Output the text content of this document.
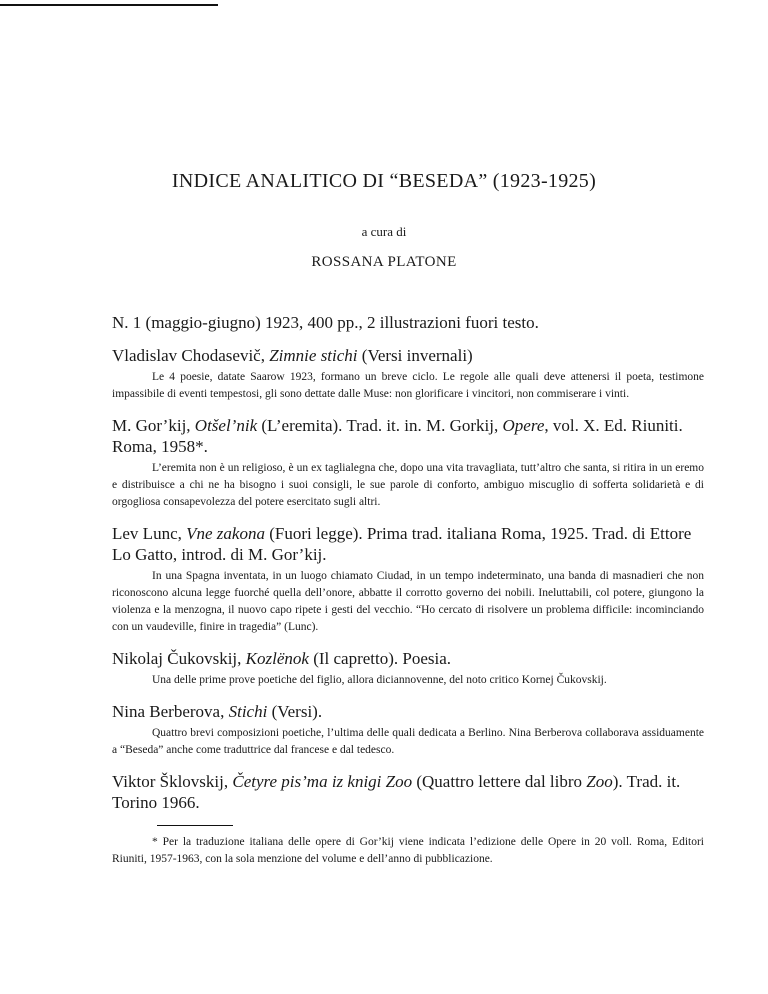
INDICE ANALITICO DI “BESEDA” (1923-1925)
a cura di
ROSSANA PLATONE
N. 1 (maggio-giugno) 1923, 400 pp., 2 illustrazioni fuori testo.
Vladislav Chodasevič, Zimnie stichi (Versi invernali)
Le 4 poesie, datate Saarow 1923, formano un breve ciclo. Le regole alle quali deve attenersi il poeta, testimone impassibile di eventi tempestosi, gli sono dettate dalle Muse: non glorificare i vincitori, non commiserare i vinti.
M. Gor’kij, Otšel’nik (L’eremita). Trad. it. in. M. Gorkij, Opere, vol. X. Ed. Riuniti. Roma, 1958*.
L’eremita non è un religioso, è un ex taglialegna che, dopo una vita travagliata, tutt’altro che santa, si ritira in un eremo e distribuisce a chi ne ha bisogno i suoi consigli, le sue parole di conforto, ambiguo miscuglio di sofferta solidarietà e di orgogliosa consapevolezza del potere esercitato sugli altri.
Lev Lunc, Vne zakona (Fuori legge). Prima trad. italiana Roma, 1925. Trad. di Ettore Lo Gatto, introd. di M. Gor’kij.
In una Spagna inventata, in un luogo chiamato Ciudad, in un tempo indeterminato, una banda di masnadieri che non riconoscono alcuna legge fuorché quella dell’onore, abbatte il corrotto governo dei nobili. Ineluttabili, col potere, giungono la violenza e la menzogna, il nuovo capo ripete i gesti del vecchio. “Ho cercato di risolvere un problema difficile: incominciando con un vaudeville, finire in tragedia” (Lunc).
Nikolaj Čukovskij, Kozlënok (Il capretto). Poesia.
Una delle prime prove poetiche del figlio, allora diciannovenne, del noto critico Kornej Čukovskij.
Nina Berberova, Stichi (Versi).
Quattro brevi composizioni poetiche, l’ultima delle quali dedicata a Berlino. Nina Berberova collaborava assiduamente a “Beseda” anche come traduttrice dal francese e dal tedesco.
Viktor Šklovskij, Četyre pis’ma iz knigi Zoo (Quattro lettere dal libro Zoo). Trad. it. Torino 1966.
* Per la traduzione italiana delle opere di Gor’kij viene indicata l’edizione delle Opere in 20 voll. Roma, Editori Riuniti, 1957-1963, con la sola menzione del volume e dell’anno di pubblicazione.
